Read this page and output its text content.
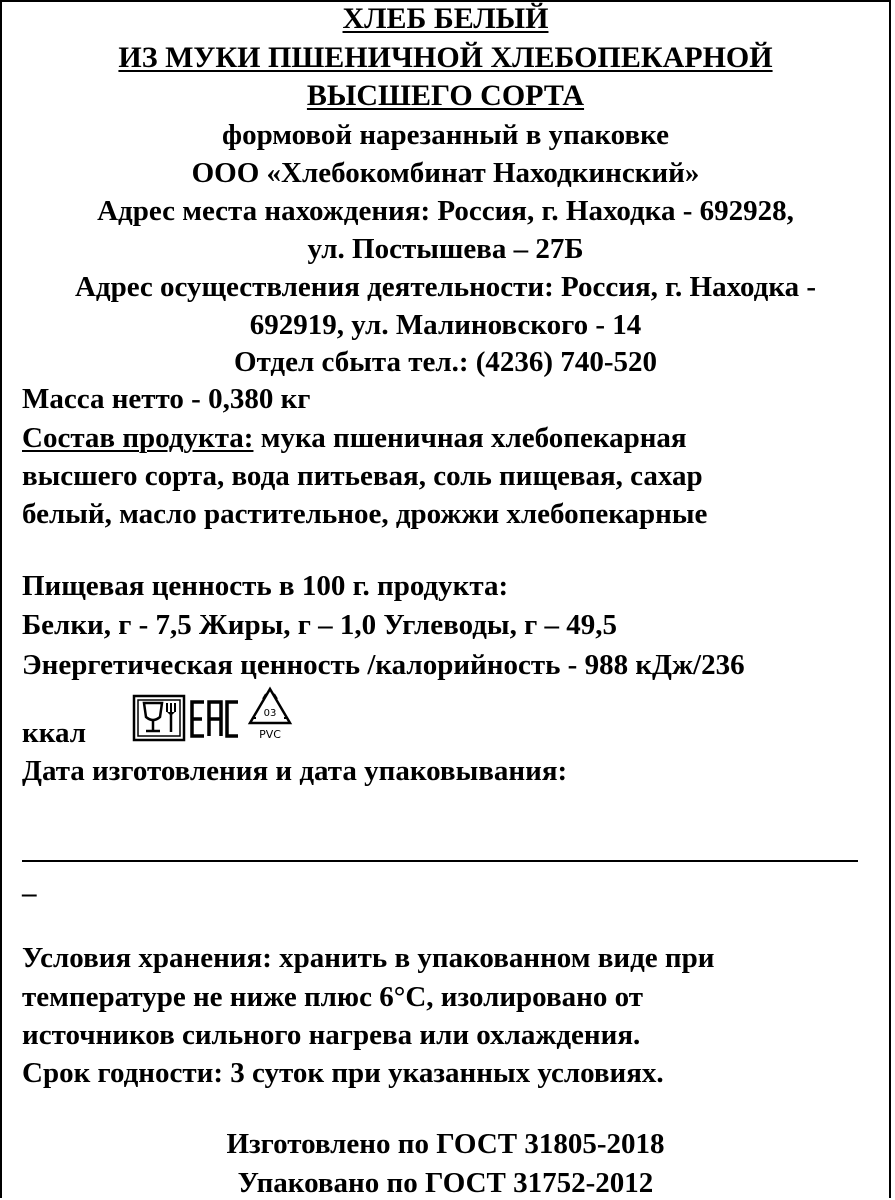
ХЛЕБ БЕЛЫЙ
ИЗ МУКИ ПШЕНИЧНОЙ ХЛЕБОПЕКАРНОЙ
ВЫСШЕГО СОРТА
формовой нарезанный в упаковке
ООО «Хлебокомбинат Находкинский»
Адрес места нахождения: Россия, г. Находка - 692928,
ул. Постышева – 27Б
Адрес осуществления деятельности: Россия, г. Находка -
692919, ул. Малиновского - 14
Отдел сбыта тел.: (4236) 740-520
Масса нетто - 0,380 кг
Состав продукта: мука пшеничная хлебопекарная
высшего сорта, вода питьевая, соль пищевая, сахар
белый, масло растительное, дрожжи хлебопекарные
Пищевая ценность в 100 г. продукта:
Белки, г - 7,5 Жиры, г – 1,0 Углеводы, г – 49,5
Энергетическая ценность /калорийность - 988 кДж/236
ккал
03
PVC
Дата изготовления и дата упаковывания:
–
Условия хранения: хранить в упакованном виде при
температуре не ниже плюс 6°С, изолировано от
источников сильного нагрева или охлаждения.
Срок годности: 3 суток при указанных условиях.
Изготовлено по ГОСТ 31805-2018
Упаковано по ГОСТ 31752-2012
